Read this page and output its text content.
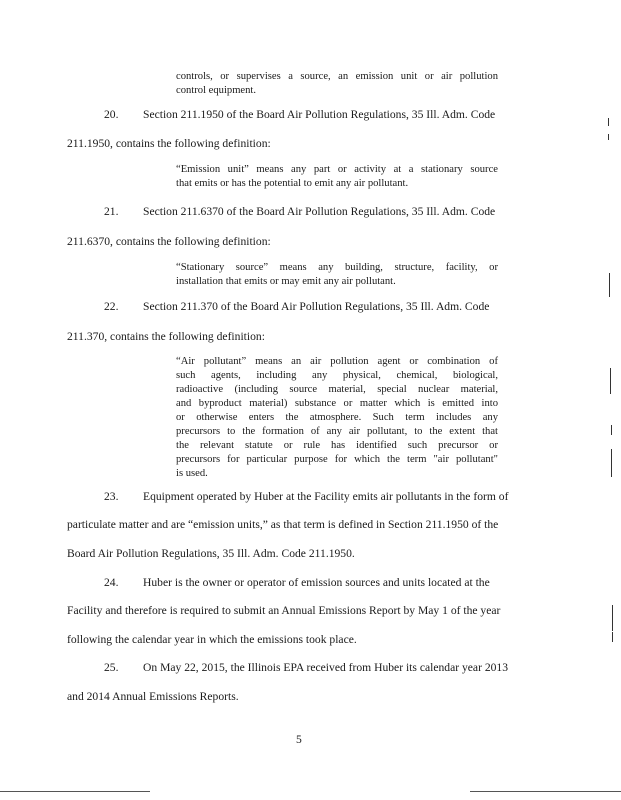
controls, or supervises a source, an emission unit or air pollution
control equipment.
20. Section 211.1950 of the Board Air Pollution Regulations, 35 Ill. Adm. Code
211.1950, contains the following definition:
“Emission unit” means any part or activity at a stationary source
that emits or has the potential to emit any air pollutant.
21. Section 211.6370 of the Board Air Pollution Regulations, 35 Ill. Adm. Code
211.6370, contains the following definition:
“Stationary source” means any building, structure, facility, or
installation that emits or may emit any air pollutant.
22. Section 211.370 of the Board Air Pollution Regulations, 35 Ill. Adm. Code
211.370, contains the following definition:
“Air pollutant” means an air pollution agent or combination of
such agents, including any physical, chemical, biological,
radioactive (including source material, special nuclear material,
and byproduct material) substance or matter which is emitted into
or otherwise enters the atmosphere. Such term includes any
precursors to the formation of any air pollutant, to the extent that
the relevant statute or rule has identified such precursor or
precursors for particular purpose for which the term "air pollutant"
is used.
23. Equipment operated by Huber at the Facility emits air pollutants in the form of
particulate matter and are “emission units,” as that term is defined in Section 211.1950 of the
Board Air Pollution Regulations, 35 Ill. Adm. Code 211.1950.
24. Huber is the owner or operator of emission sources and units located at the
Facility and therefore is required to submit an Annual Emissions Report by May 1 of the year
following the calendar year in which the emissions took place.
25. On May 22, 2015, the Illinois EPA received from Huber its calendar year 2013
and 2014 Annual Emissions Reports.
5
